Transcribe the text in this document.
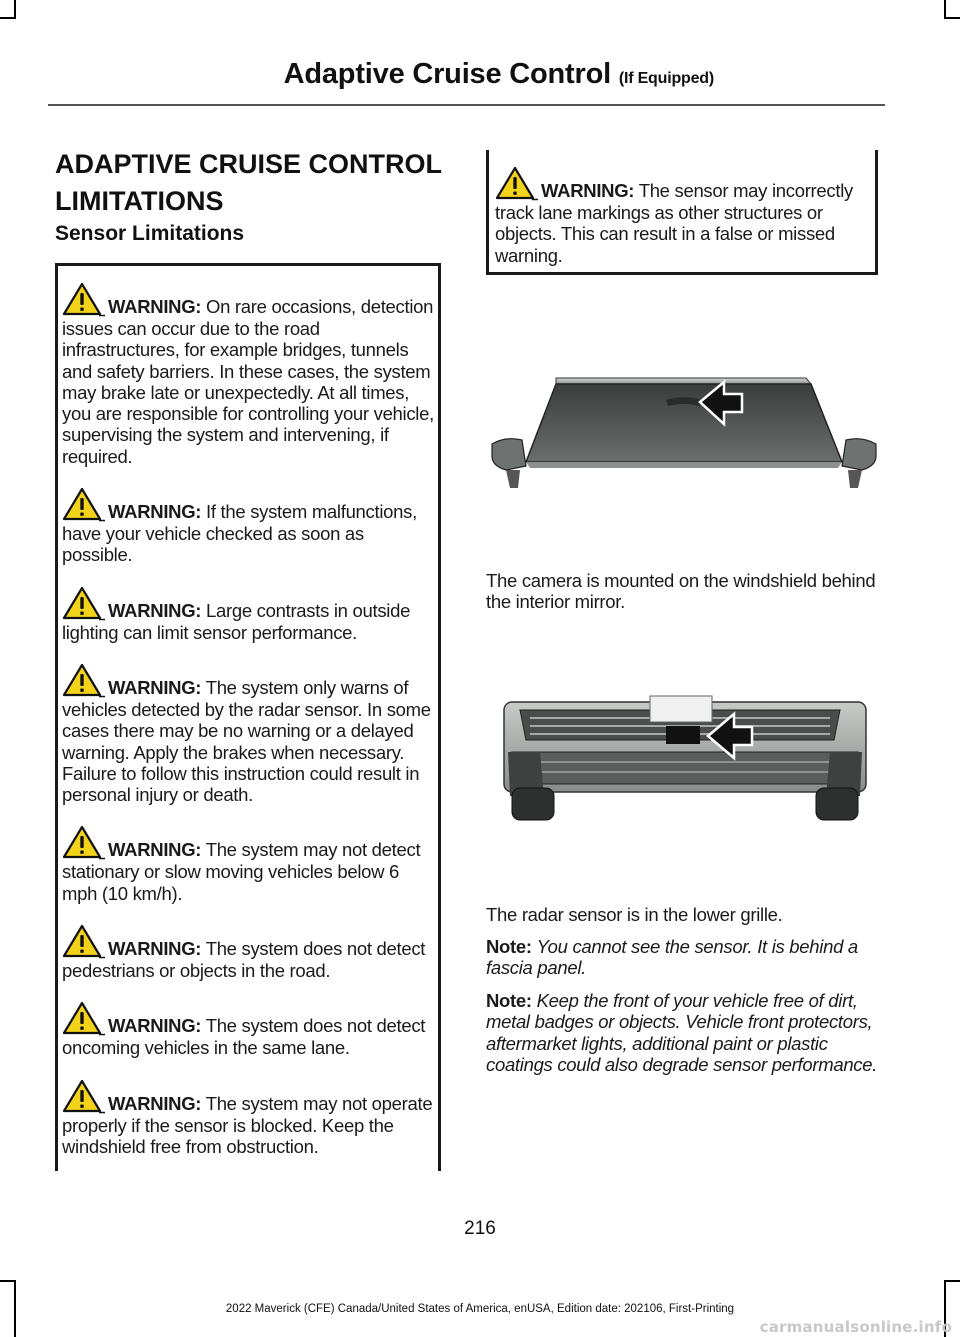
Adaptive Cruise Control (If Equipped)
ADAPTIVE CRUISE CONTROL LIMITATIONS
Sensor Limitations
WARNING: On rare occasions, detection issues can occur due to the road infrastructures, for example bridges, tunnels and safety barriers. In these cases, the system may brake late or unexpectedly. At all times, you are responsible for controlling your vehicle, supervising the system and intervening, if required.
WARNING: If the system malfunctions, have your vehicle checked as soon as possible.
WARNING: Large contrasts in outside lighting can limit sensor performance.
WARNING: The system only warns of vehicles detected by the radar sensor. In some cases there may be no warning or a delayed warning. Apply the brakes when necessary. Failure to follow this instruction could result in personal injury or death.
WARNING: The system may not detect stationary or slow moving vehicles below 6 mph (10 km/h).
WARNING: The system does not detect pedestrians or objects in the road.
WARNING: The system does not detect oncoming vehicles in the same lane.
WARNING: The system may not operate properly if the sensor is blocked. Keep the windshield free from obstruction.
WARNING: The sensor may incorrectly track lane markings as other structures or objects. This can result in a false or missed warning.
The camera is mounted on the windshield behind the interior mirror.
The radar sensor is in the lower grille.
Note: You cannot see the sensor. It is behind a fascia panel.
Note: Keep the front of your vehicle free of dirt, metal badges or objects. Vehicle front protectors, aftermarket lights, additional paint or plastic coatings could also degrade sensor performance.
216
2022 Maverick (CFE) Canada/United States of America, enUSA, Edition date: 202106, First-Printing
carmanualsonline.info
